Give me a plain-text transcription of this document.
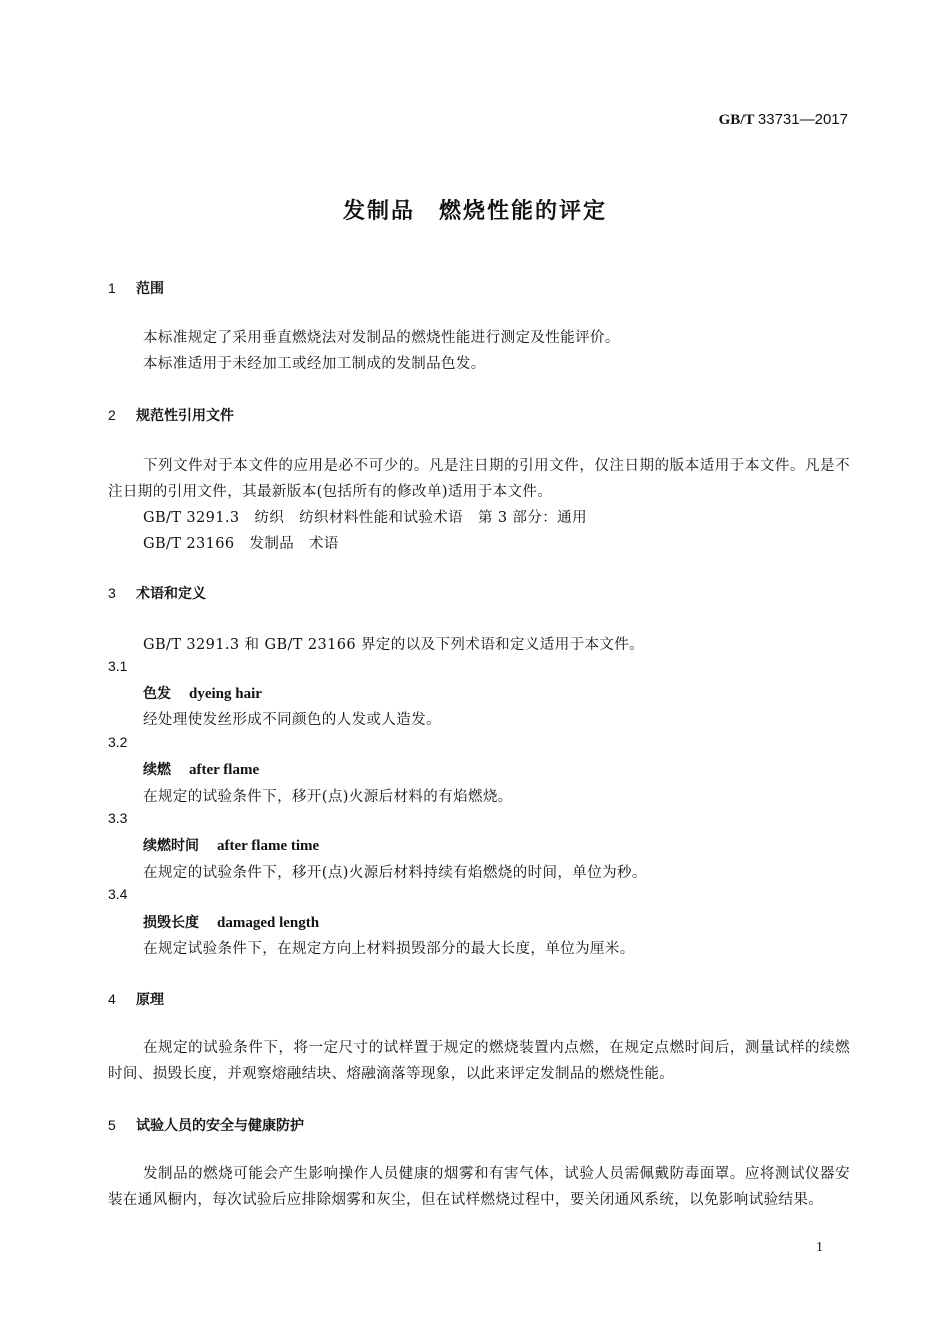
GB/T 33731—2017
发制品　燃烧性能的评定
1 范围
本标准规定了采用垂直燃烧法对发制品的燃烧性能进行测定及性能评价。
本标准适用于未经加工或经加工制成的发制品色发。
2 规范性引用文件
下列文件对于本文件的应用是必不可少的。凡是注日期的引用文件，仅注日期的版本适用于本文件。凡是不注日期的引用文件，其最新版本(包括所有的修改单)适用于本文件。
GB/T 3291.3　纺织　纺织材料性能和试验术语　第 3 部分：通用
GB/T 23166　发制品　术语
3 术语和定义
GB/T 3291.3 和 GB/T 23166 界定的以及下列术语和定义适用于本文件。
3.1
色发 dyeing hair
经处理使发丝形成不同颜色的人发或人造发。
3.2
续燃 after flame
在规定的试验条件下，移开(点)火源后材料的有焰燃烧。
3.3
续燃时间 after flame time
在规定的试验条件下，移开(点)火源后材料持续有焰燃烧的时间，单位为秒。
3.4
损毁长度 damaged length
在规定试验条件下，在规定方向上材料损毁部分的最大长度，单位为厘米。
4 原理
在规定的试验条件下，将一定尺寸的试样置于规定的燃烧装置内点燃，在规定点燃时间后，测量试样的续燃时间、损毁长度，并观察熔融结块、熔融滴落等现象，以此来评定发制品的燃烧性能。
5 试验人员的安全与健康防护
发制品的燃烧可能会产生影响操作人员健康的烟雾和有害气体，试验人员需佩戴防毒面罩。应将测试仪器安装在通风橱内，每次试验后应排除烟雾和灰尘，但在试样燃烧过程中，要关闭通风系统，以免影响试验结果。
1
